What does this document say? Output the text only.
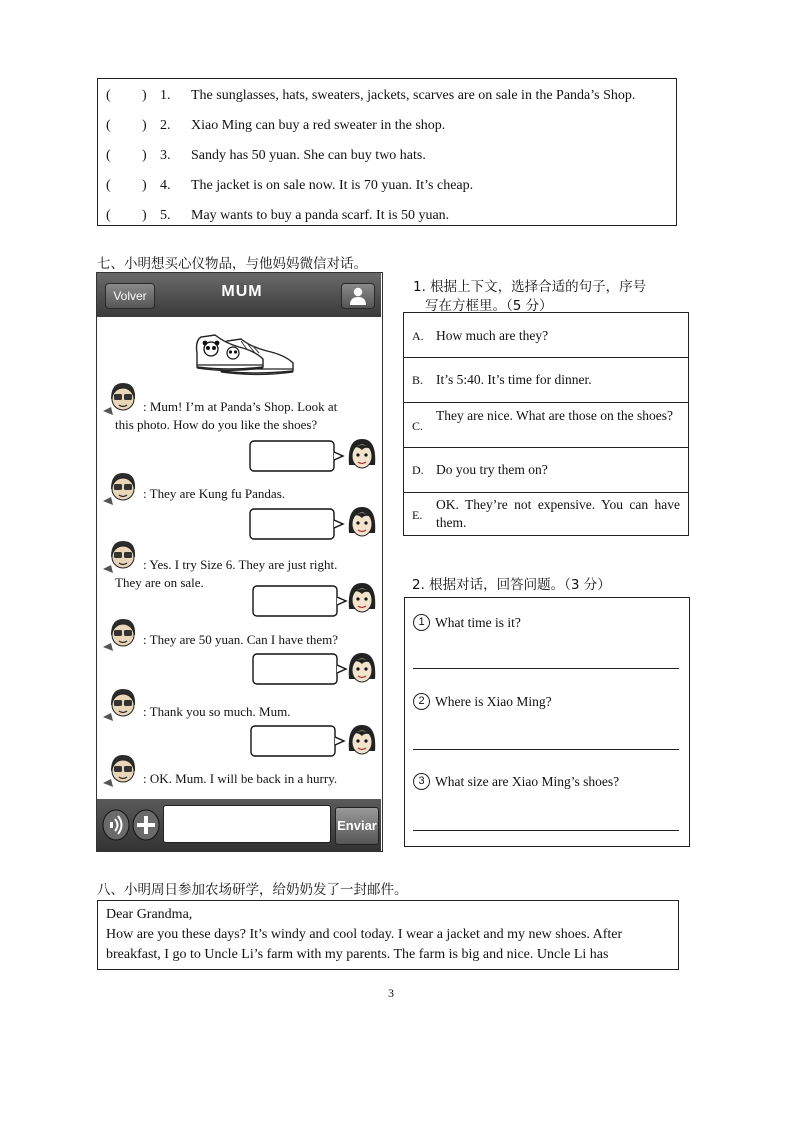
( ) 1. The sunglasses, hats, sweaters, jackets, scarves are on sale in the Panda’s Shop.
( ) 2. Xiao Ming can buy a red sweater in the shop.
( ) 3. Sandy has 50 yuan. She can buy two hats.
( ) 4. The jacket is on sale now. It is 70 yuan. It’s cheap.
( ) 5. May wants to buy a panda scarf. It is 50 yuan.
七、小明想买心仪物品，与他妈妈微信对话。
Volver	MUM
: Mum! I’m at Panda’s Shop. Look at
this photo. How do you like the shoes?
: They are Kung fu Pandas.
: Yes. I try Size 6. They are just right.
They are on sale.
: They are 50 yuan. Can I have them?
: Thank you so much. Mum.
: OK. Mum. I will be back in a hurry.
Enviar
1. 根据上下文，选择合适的句子，序号
写在方框里。（5 分）
A. How much are they?
B. It’s 5:40. It’s time for dinner.
C.
They are nice. What are those on the shoes?
D. Do you try them on?
E.
OK. They’re not expensive. You can have them.
2. 根据对话，回答问题。（3 分）
1 What time is it?
2 Where is Xiao Ming?
3 What size are Xiao Ming’s shoes?
八、小明周日参加农场研学，给奶奶发了一封邮件。
Dear Grandma,
How are you these days? It’s windy and cool today. I wear a jacket and my new shoes. After
breakfast, I go to Uncle Li’s farm with my parents. The farm is big and nice. Uncle Li has
3
